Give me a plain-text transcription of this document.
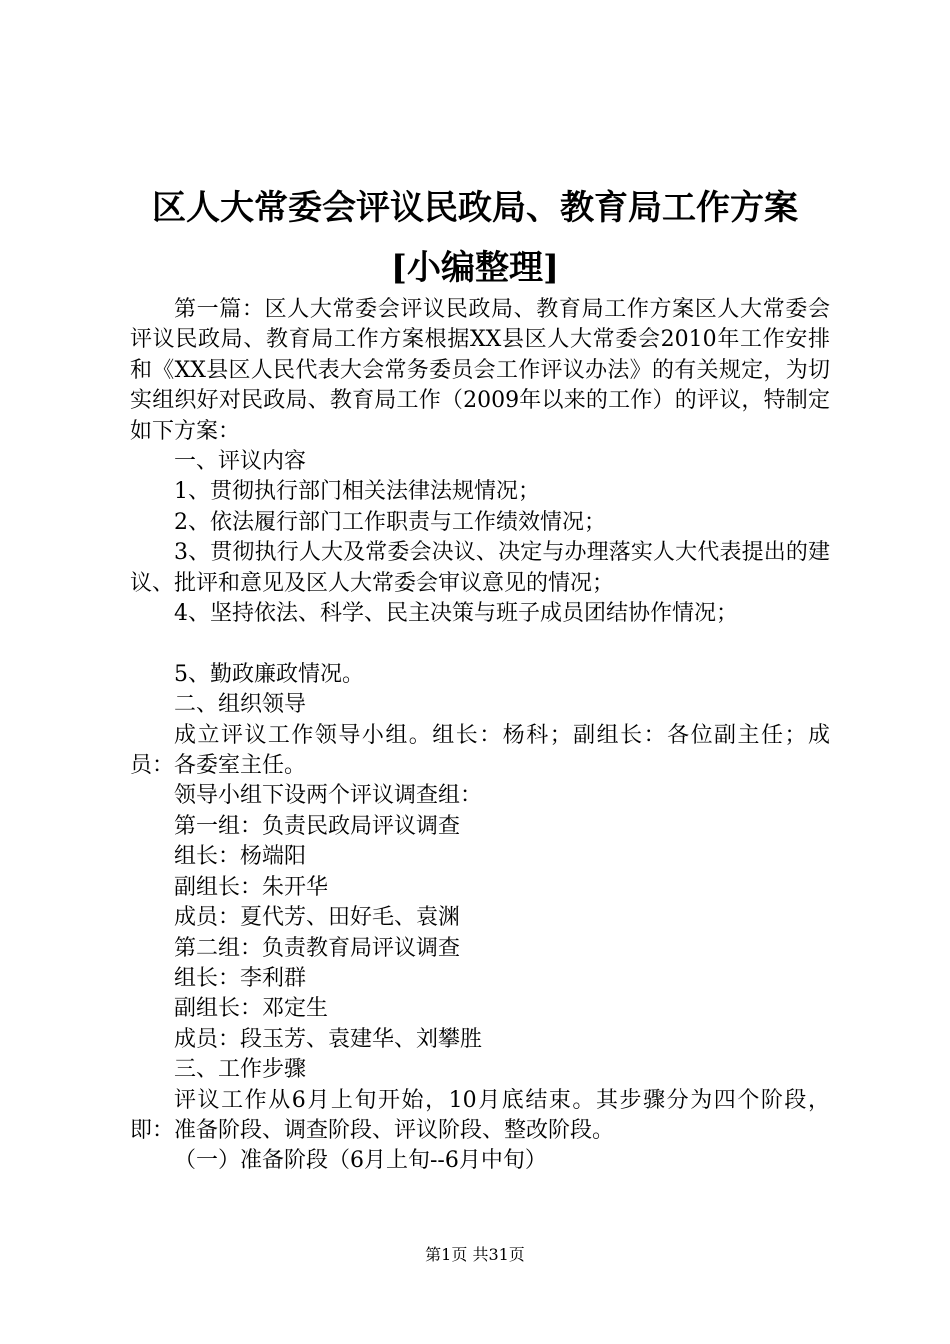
区人大常委会评议民政局、教育局工作方案
[小编整理]

第一篇：区人大常委会评议民政局、教育局工作方案区人大常委会评议民政局、教育局工作方案根据XX县区人大常委会2010年工作安排和《XX县区人民代表大会常务委员会工作评议办法》的有关规定，为切实组织好对民政局、教育局工作（2009年以来的工作）的评议，特制定如下方案：

一、评议内容

1、贯彻执行部门相关法律法规情况；

2、依法履行部门工作职责与工作绩效情况；

3、贯彻执行人大及常委会决议、决定与办理落实人大代表提出的建议、批评和意见及区人大常委会审议意见的情况；

4、坚持依法、科学、民主决策与班子成员团结协作情况；

5、勤政廉政情况。

二、组织领导

成立评议工作领导小组。组长：杨科；副组长：各位副主任；成员：各委室主任。

领导小组下设两个评议调查组：

第一组：负责民政局评议调查

组长：杨端阳

副组长：朱开华

成员：夏代芳、田好毛、袁渊

第二组：负责教育局评议调查

组长：李利群

副组长：邓定生

成员：段玉芳、袁建华、刘攀胜

三、工作步骤

评议工作从6月上旬开始，10月底结束。其步骤分为四个阶段，即：准备阶段、调查阶段、评议阶段、整改阶段。

（一）准备阶段（6月上旬--6月中旬）

第1页 共31页
